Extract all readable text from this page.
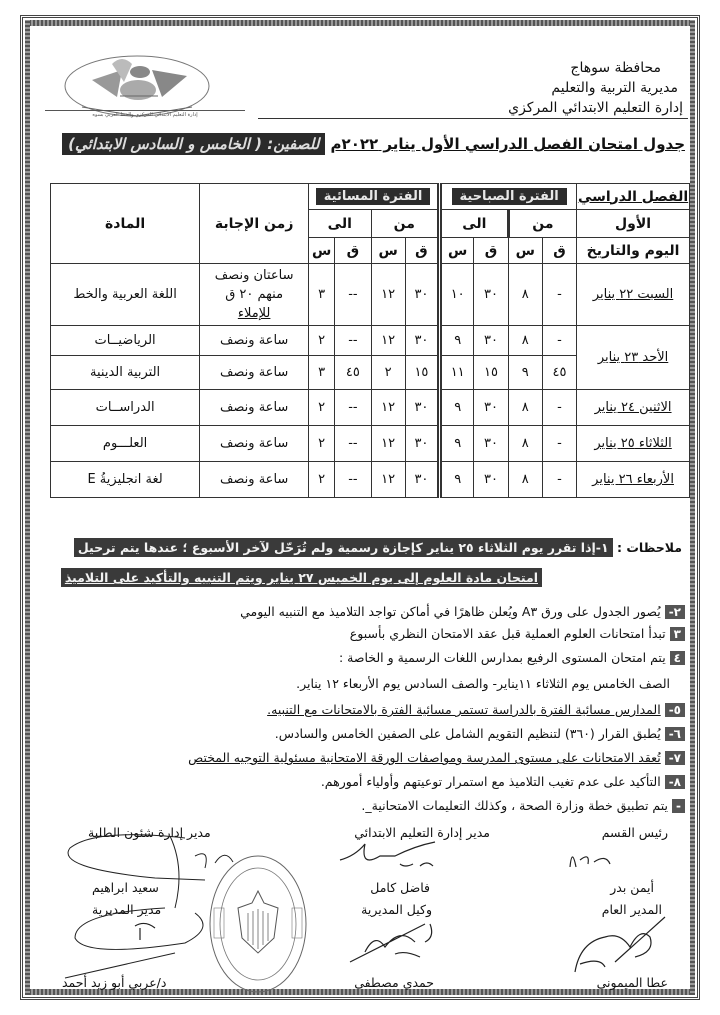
إدارة التعليم الابتدائي المركزي والخط العربي بسوه
محافظة سوهاج
مديرية التربية والتعليم
إدارة التعليم الابتدائي المركزي
جدول امتحان الفصل الدراسي الأول يناير ٢٠٢٢م للصفين: ( الخامس و السادس الابتدائي)
الفصل الدراسي	الفترة الصباحية				الفترة المسائية				زمن الإجابة	المادة
الأول	من		الى		من		الى			
اليوم والتاريخ	ق	س	ق	س	ق	س	ق	س		
السبت ٢٢ يناير	-	٨	٣٠	١٠	٣٠	١٢	--	٣	ساعتان ونصف
منهم ٢٠ ق
للإملاء	اللغة العربية والخط
الأحد ٢٣ يناير	-	٨	٣٠	٩	٣٠	١٢	--	٢	ساعة ونصف	الرياضيــات
	٤٥	٩	١٥	١١	١٥	٢	٤٥	٣	ساعة ونصف	التربية الدينية
الاثنين ٢٤ يناير	-	٨	٣٠	٩	٣٠	١٢	--	٢	ساعة ونصف	الدراســات
الثلاثاء ٢٥ يناير	-	٨	٣٠	٩	٣٠	١٢	--	٢	ساعة ونصف	العلـــوم
الأربعاء ٢٦ يناير	-	٨	٣٠	٩	٣٠	١٢	--	٢	ساعة ونصف	لغة انجليزيةُ E
ملاحظات : ١-إذا تقرر يوم الثلاثاء ٢٥ يناير كإجازة رسمية ولم تُرَحّل لآخر الأسبوع ؛ عندها يتم ترحيل
امتحان مادة العلوم إلى يوم الخميس ٢٧ يناير ويتم التنبيه والتأكيد على التلاميذ
٢-يُصور الجدول على ورق A٣ ويُعلن ظاهرًا في أماكن تواجد التلاميذ مع التنبيه اليومي
٣تبدأ امتحانات العلوم العملية قبل عقد الامتحان النظري بأسبوع
٤يتم امتحان المستوى الرفيع بمدارس اللغات الرسمية و الخاصة :
الصف الخامس يوم الثلاثاء ١١يناير- والصف السادس يوم الأربعاء ١٢ يناير.
٥-المدارس مسائية الفترة بالدراسة تستمر مسائية الفترة بالامتحانات مع التنبيه.
٦-يُطبق القرار (٣٦٠) لتنظيم التقويم الشامل على الصفين الخامس والسادس.
٧-تُعقد الامتحانات على مستوى المدرسة ومواصفات الورقة الامتحانية مسئولية التوجيه المختص
٨-التأكيد على عدم تغيب التلاميذ مع استمرار توعيتهم وأولياء أمورهم.
-يتم تطبيق خطة وزارة الصحة ، وكذلك التعليمات الامتحانية_.
رئيس القسم
أيمن بدر
مدير إدارة التعليم الابتدائي
فاضل كامل
مدير إدارة شئون الطلبة
سعيد ابراهيم
المدير العام
عطا الميمونى
وكيل المديرية
حمدي مصطفى
مدير المديرية
د/عربي أبو زيد أحمد
